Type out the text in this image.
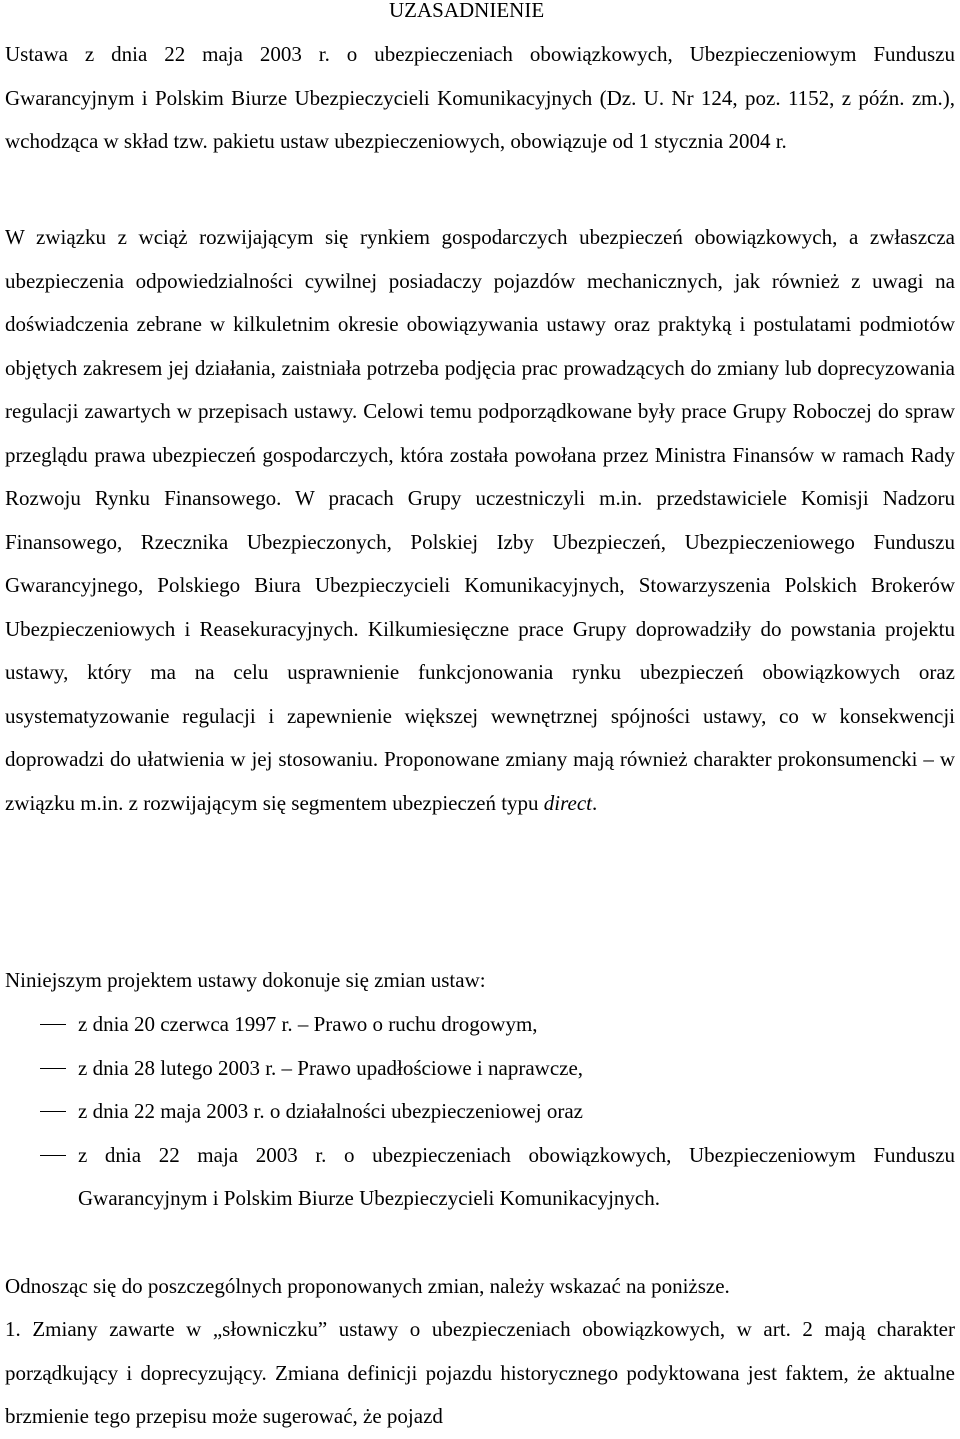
UZASADNIENIE

Ustawa z dnia 22 maja 2003 r. o ubezpieczeniach obowiązkowych, Ubezpieczeniowym Funduszu Gwarancyjnym i Polskim Biurze Ubezpieczycieli Komunikacyjnych (Dz. U. Nr 124, poz. 1152, z późn. zm.), wchodząca w skład tzw. pakietu ustaw ubezpieczeniowych, obowiązuje od 1 stycznia 2004 r.

W związku z wciąż rozwijającym się rynkiem gospodarczych ubezpieczeń obowiązkowych, a zwłaszcza ubezpieczenia odpowiedzialności cywilnej posiadaczy pojazdów mechanicznych, jak również z uwagi na doświadczenia zebrane w kilkuletnim okresie obowiązywania ustawy oraz praktyką i postulatami podmiotów objętych zakresem jej działania, zaistniała potrzeba podjęcia prac prowadzących do zmiany lub doprecyzowania regulacji zawartych w przepisach ustawy. Celowi temu podporządkowane były prace Grupy Roboczej do spraw przeglądu prawa ubezpieczeń gospodarczych, która została powołana przez Ministra Finansów w ramach Rady Rozwoju Rynku Finansowego. W pracach Grupy uczestniczyli m.in. przedstawiciele Komisji Nadzoru Finansowego, Rzecznika Ubezpieczonych, Polskiej Izby Ubezpieczeń, Ubezpieczeniowego Funduszu Gwarancyjnego, Polskiego Biura Ubezpieczycieli Komunikacyjnych, Stowarzyszenia Polskich Brokerów Ubezpieczeniowych i Reasekuracyjnych. Kilkumiesięczne prace Grupy doprowadziły do powstania projektu ustawy, który ma na celu usprawnienie funkcjonowania rynku ubezpieczeń obowiązkowych oraz usystematyzowanie regulacji i zapewnienie większej wewnętrznej spójności ustawy, co w konsekwencji doprowadzi do ułatwienia w jej stosowaniu. Proponowane zmiany mają również charakter prokonsumencki – w związku m.in. z rozwijającym się segmentem ubezpieczeń typu direct.

Niniejszym projektem ustawy dokonuje się zmian ustaw:

z dnia 20 czerwca 1997 r. – Prawo o ruchu drogowym,
z dnia 28 lutego 2003 r. – Prawo upadłościowe i naprawcze,
z dnia 22 maja 2003 r. o działalności ubezpieczeniowej oraz
z dnia 22 maja 2003 r. o ubezpieczeniach obowiązkowych, Ubezpieczeniowym Funduszu Gwarancyjnym i Polskim Biurze Ubezpieczycieli Komunikacyjnych.

Odnosząc się do poszczególnych proponowanych zmian, należy wskazać na poniższe.

1. Zmiany zawarte w „słowniczku” ustawy o ubezpieczeniach obowiązkowych, w art. 2 mają charakter porządkujący i doprecyzujący. Zmiana definicji pojazdu historycznego podyktowana jest faktem, że aktualne brzmienie tego przepisu może sugerować, że pojazd
